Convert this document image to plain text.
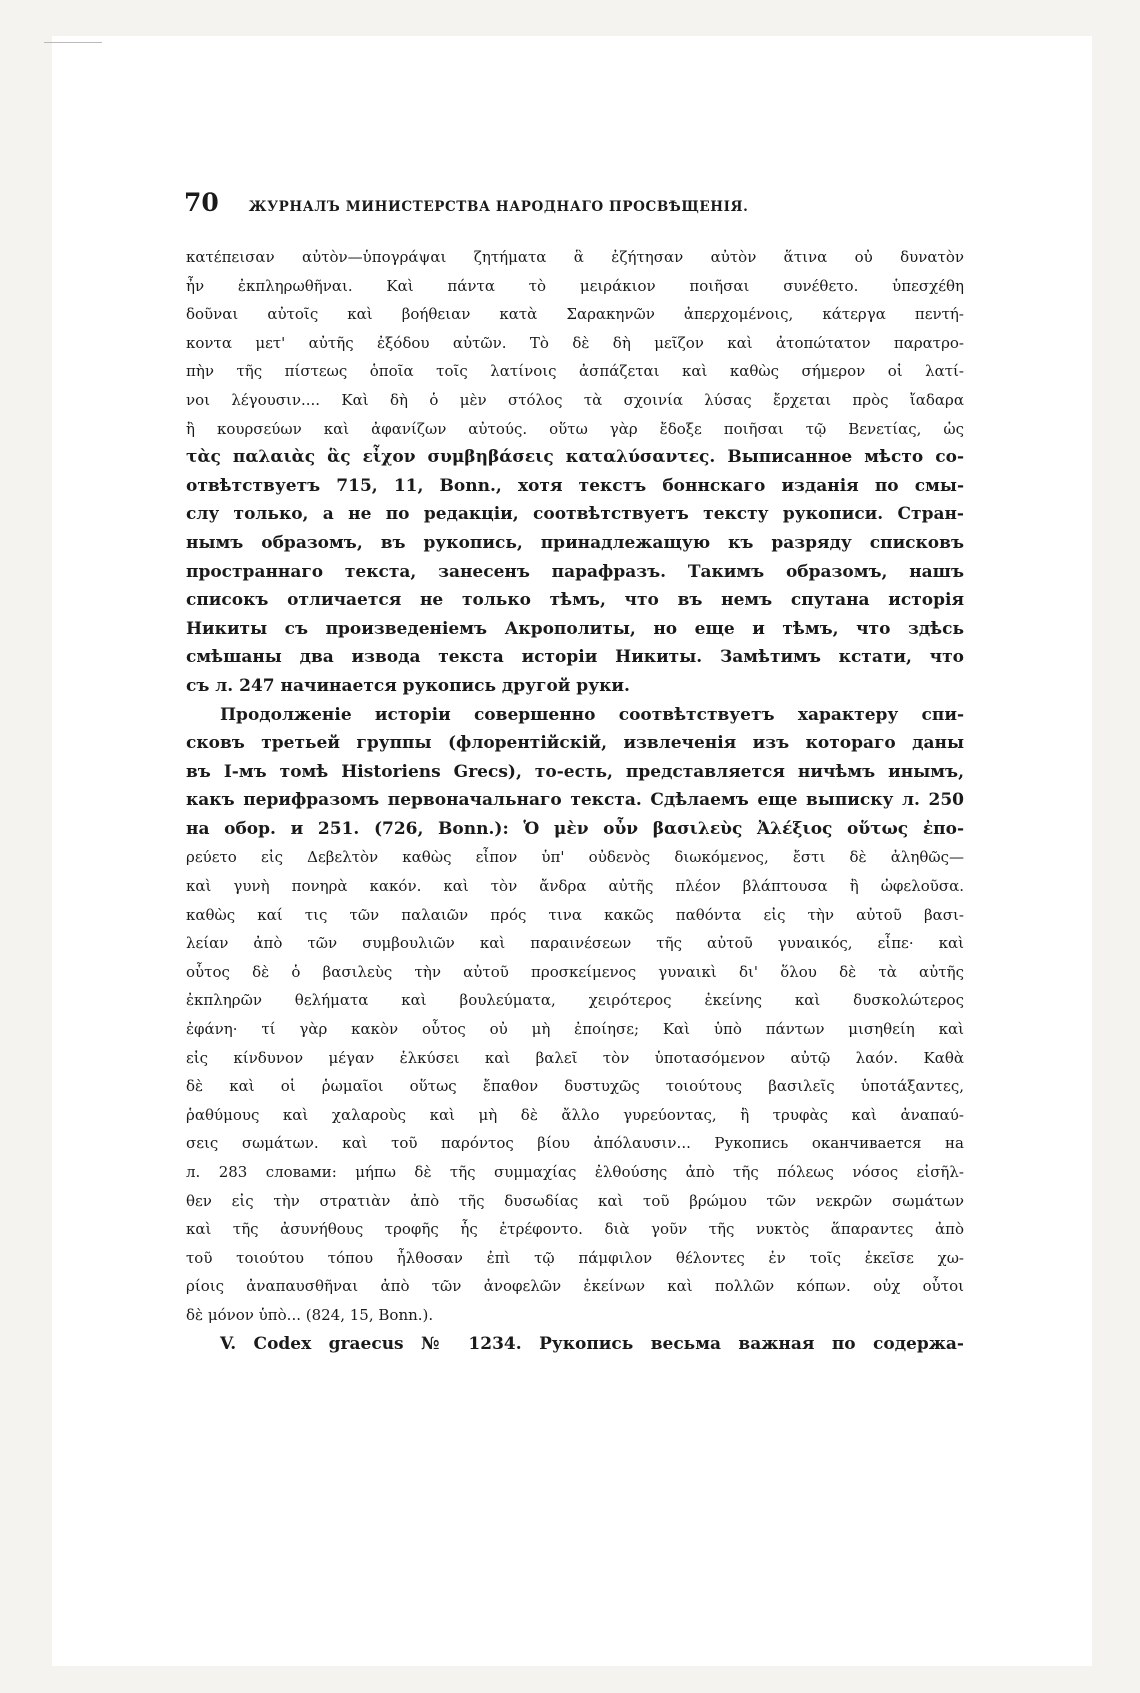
70 ЖУРНАЛЪ МИНИСТЕРСТВА НАРОДНАГО ПРОСВѢЩЕНІЯ.
κατέπεισαν αὐτὸν—ὑπογράψαι ζητήματα ἃ ἐζήτησαν αὐτὸν ἅτινα οὐ δυνατὸν
ἦν ἐκπληρωθῆναι. Καὶ πάντα τὸ μειράκιον ποιῆσαι συνέθετο. ὑπεσχέθη
δοῦναι αὐτοῖς καὶ βοήθειαν κατὰ Σαρακηνῶν ἀπερχομένοις, κάτεργα πεντή-
κοντα μετ' αὐτῆς ἐξόδου αὐτῶν. Τὸ δὲ δὴ μεῖζον καὶ ἀτοπώτατον παρατρο-
πὴν τῆς πίστεως ὁποῖα τοῖς λατίνοις ἀσπάζεται καὶ καθὼς σήμερον οἱ λατί-
νοι λέγουσιν.... Καὶ δὴ ὁ μὲν στόλος τὰ σχοινία λύσας ἔρχεται πρὸς ἴαδαρα
ἢ κουρσεύων καὶ ἀφανίζων αὐτούς. οὕτω γὰρ ἔδοξε ποιῆσαι τῷ Βενετίας, ὡς
τὰς παλαιὰς ἃς εἶχον συμβηβάσεις καταλύσαντες. Выписанное мѣсто со-
отвѣтствуетъ 715, 11, Bonn., хотя текстъ боннскаго изданія по смы-
слу только, а не по редакціи, соотвѣтствуетъ тексту рукописи. Стран-
нымъ образомъ, въ рукопись, принадлежащую къ разряду списковъ
пространнаго текста, занесенъ парафразъ. Такимъ образомъ, нашъ
списокъ отличается не только тѣмъ, что въ немъ спутана исторія
Никиты съ произведеніемъ Акрополиты, но еще и тѣмъ, что здѣсь
смѣшаны два извода текста исторіи Никиты. Замѣтимъ кстати, что
съ л. 247 начинается рукопись другой руки.
Продолженіе исторіи совершенно соотвѣтствуетъ характеру спи-
сковъ третьей группы (флорентійскій, извлеченія изъ котораго даны
въ I-мъ томѣ Historiens Grecs), то-есть, представляется ничѣмъ инымъ,
какъ перифразомъ первоначальнаго текста. Сдѣлаемъ еще выписку л. 250
на обор. и 251. (726, Bonn.): Ὁ μὲν οὖν βασιλεὺς Ἀλέξιος οὕτως ἐπο-
ρεύετο εἰς Δεβελτὸν καθὼς εἶπον ὑπ' οὐδενὸς διωκόμενος, ἔστι δὲ ἀληθῶς—
καὶ γυνὴ πονηρὰ κακόν. καὶ τὸν ἄνδρα αὐτῆς πλέον βλάπτουσα ἢ ὠφελοῦσα.
καθὼς καί τις τῶν παλαιῶν πρός τινα κακῶς παθόντα εἰς τὴν αὐτοῦ βασι-
λείαν ἀπὸ τῶν συμβουλιῶν καὶ παραινέσεων τῆς αὐτοῦ γυναικός, εἶπε· καὶ
οὗτος δὲ ὁ βασιλεὺς τὴν αὐτοῦ προσκείμενος γυναικὶ δι' ὅλου δὲ τὰ αὐτῆς
ἐκπληρῶν θελήματα καὶ βουλεύματα, χειρότερος ἐκείνης καὶ δυσκολώτερος
ἐφάνη· τί γὰρ κακὸν οὗτος οὐ μὴ ἐποίησε; Καὶ ὑπὸ πάντων μισηθείη καὶ
εἰς κίνδυνον μέγαν ἑλκύσει καὶ βαλεῖ τὸν ὑποτασόμενον αὐτῷ λαόν. Καθὰ
δὲ καὶ οἱ ῥωμαῖοι οὕτως ἔπαθον δυστυχῶς τοιούτους βασιλεῖς ὑποτάξαντες,
ῥαθύμους καὶ χαλαροὺς καὶ μὴ δὲ ἄλλο γυρεύοντας, ἢ τρυφὰς καὶ ἀναπαύ-
σεις σωμάτων. καὶ τοῦ παρόντος βίου ἀπόλαυσιν... Рукопись оканчивается на
л. 283 словами: μήπω δὲ τῆς συμμαχίας ἐλθούσης ἀπὸ τῆς πόλεως νόσος εἰσῆλ-
θεν εἰς τὴν στρατιὰν ἀπὸ τῆς δυσωδίας καὶ τοῦ βρώμου τῶν νεκρῶν σωμάτων
καὶ τῆς ἀσυνήθους τροφῆς ἧς ἐτρέφοντο. διὰ γοῦν τῆς νυκτὸς ἅπαραντες ἀπὸ
τοῦ τοιούτου τόπου ἦλθοσαν ἐπὶ τῷ πάμφιλον θέλοντες ἐν τοῖς ἐκεῖσε χω-
ρίοις ἀναπαυσθῆναι ἀπὸ τῶν ἀνοφελῶν ἐκείνων καὶ πολλῶν κόπων. οὐχ οὗτοι
δὲ μόνον ὑπὸ... (824, 15, Bonn.).
V. Codex graecus № 1234. Рукопись весьма важная по содержа-
